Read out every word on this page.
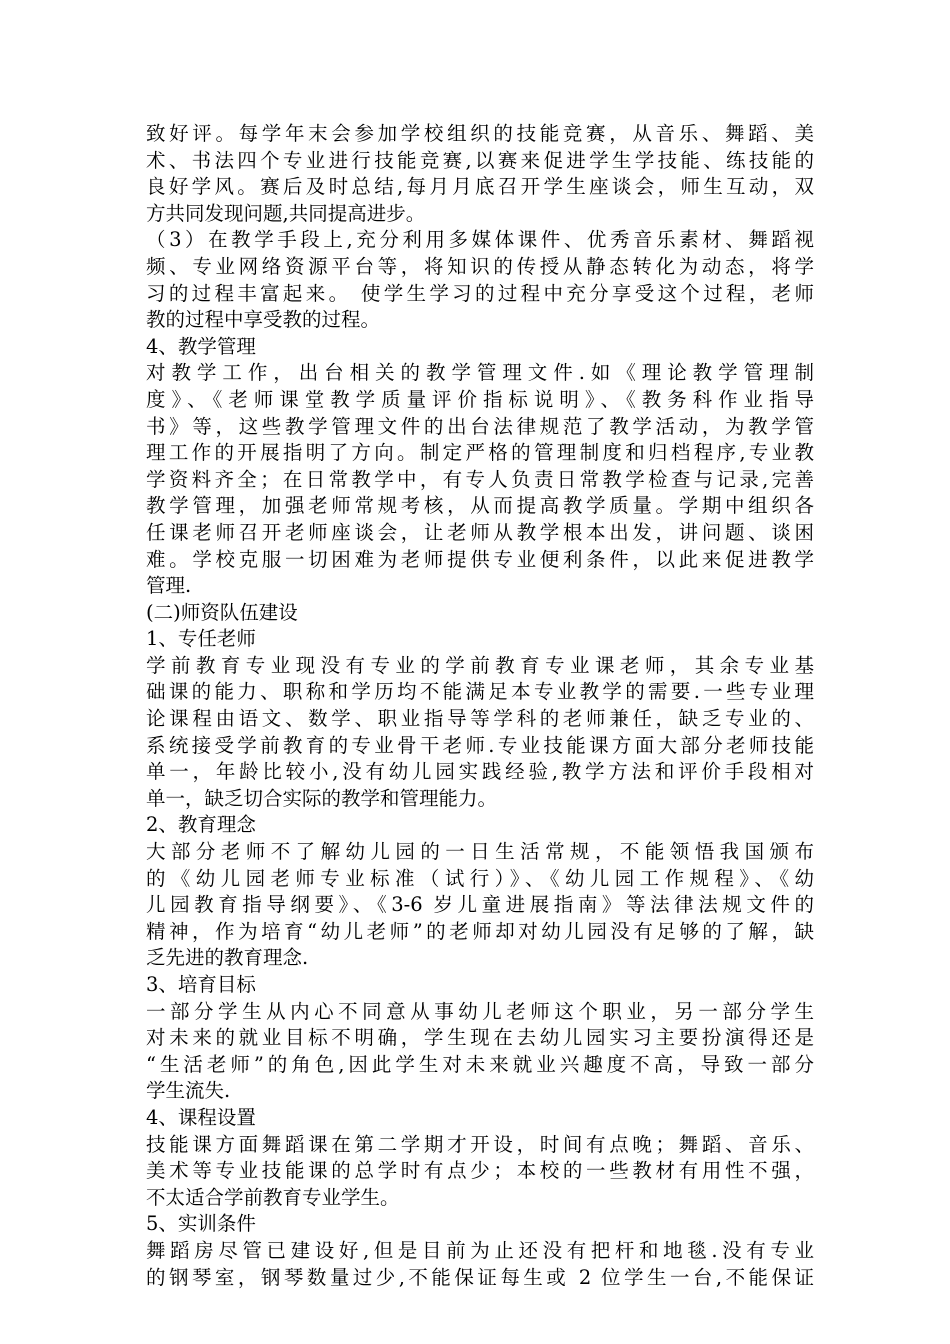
致好评。每学年末会参加学校组织的技能竞赛，从音乐、舞蹈、美
术、书法四个专业进行技能竞赛,以赛来促进学生学技能、练技能的
良好学风。赛后及时总结,每月月底召开学生座谈会，师生互动，双
方共同发现问题,共同提高进步。
（3）在教学手段上,充分利用多媒体课件、优秀音乐素材、舞蹈视
频、专业网络资源平台等，将知识的传授从静态转化为动态，将学
习的过程丰富起来。 使学生学习的过程中充分享受这个过程，老师
教的过程中享受教的过程。
4、教学管理
对教学工作，出台相关的教学管理文件.如《理论教学管理制
度》、《老师课堂教学质量评价指标说明》、《教务科作业指导
书》等，这些教学管理文件的出台法律规范了教学活动，为教学管
理工作的开展指明了方向。制定严格的管理制度和归档程序,专业教
学资料齐全；在日常教学中，有专人负责日常教学检查与记录,完善
教学管理，加强老师常规考核，从而提高教学质量。学期中组织各
任课老师召开老师座谈会，让老师从教学根本出发，讲问题、谈困
难。学校克服一切困难为老师提供专业便利条件，以此来促进教学
管理.
(二)师资队伍建设
1、专任老师
学前教育专业现没有专业的学前教育专业课老师，其余专业基
础课的能力、职称和学历均不能满足本专业教学的需要.一些专业理
论课程由语文、数学、职业指导等学科的老师兼任，缺乏专业的、
系统接受学前教育的专业骨干老师.专业技能课方面大部分老师技能
单一，年龄比较小,没有幼儿园实践经验,教学方法和评价手段相对
单一，缺乏切合实际的教学和管理能力。
2、教育理念
大部分老师不了解幼儿园的一日生活常规，不能领悟我国颁布
的《幼儿园老师专业标准（试行）》、《幼儿园工作规程》、《幼
儿园教育指导纲要》、《3-6 岁儿童进展指南》等法律法规文件的
精神，作为培育“幼儿老师”的老师却对幼儿园没有足够的了解，缺
乏先进的教育理念.
3、培育目标
一部分学生从内心不同意从事幼儿老师这个职业，另一部分学生
对未来的就业目标不明确，学生现在去幼儿园实习主要扮演得还是
“生活老师”的角色,因此学生对未来就业兴趣度不高，导致一部分
学生流失.
4、课程设置
技能课方面舞蹈课在第二学期才开设，时间有点晚；舞蹈、音乐、
美术等专业技能课的总学时有点少；本校的一些教材有用性不强，
不太适合学前教育专业学生。
5、实训条件
舞蹈房尽管已建设好,但是目前为止还没有把杆和地毯.没有专业
的钢琴室，钢琴数量过少,不能保证每生或 2 位学生一台,不能保证
